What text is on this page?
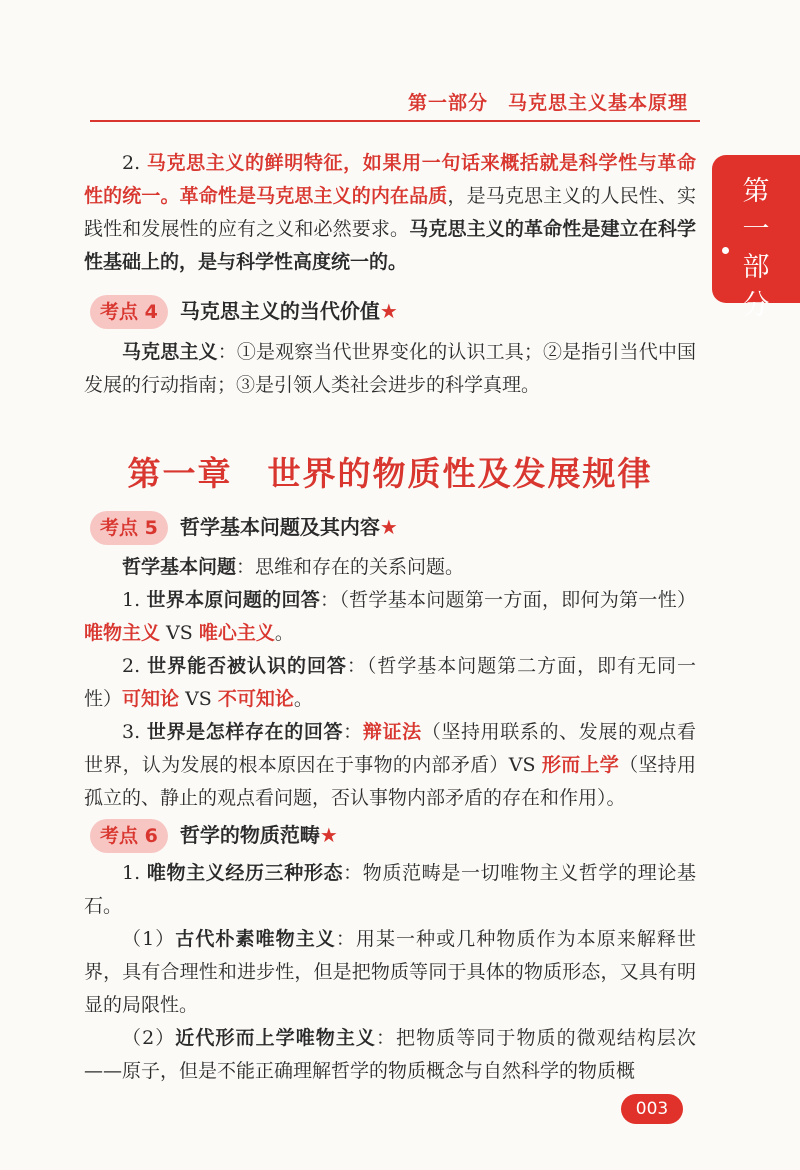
第一部分　马克思主义基本原理
第
一
部
分
2. 马克思主义的鲜明特征，如果用一句话来概括就是科学性与革命性的统一。革命性是马克思主义的内在品质，是马克思主义的人民性、实践性和发展性的应有之义和必然要求。马克思主义的革命性是建立在科学性基础上的，是与科学性高度统一的。
考点 4 马克思主义的当代价值★
马克思主义：①是观察当代世界变化的认识工具；②是指引当代中国发展的行动指南；③是引领人类社会进步的科学真理。
第一章　世界的物质性及发展规律
考点 5 哲学基本问题及其内容★
哲学基本问题：思维和存在的关系问题。
1. 世界本原问题的回答：（哲学基本问题第一方面，即何为第一性）唯物主义 VS 唯心主义。
2. 世界能否被认识的回答：（哲学基本问题第二方面，即有无同一性）可知论 VS 不可知论。
3. 世界是怎样存在的回答：辩证法（坚持用联系的、发展的观点看世界，认为发展的根本原因在于事物的内部矛盾）VS 形而上学（坚持用孤立的、静止的观点看问题，否认事物内部矛盾的存在和作用）。
考点 6 哲学的物质范畴★
1. 唯物主义经历三种形态：物质范畴是一切唯物主义哲学的理论基石。
（1）古代朴素唯物主义：用某一种或几种物质作为本原来解释世界，具有合理性和进步性，但是把物质等同于具体的物质形态，又具有明显的局限性。
（2）近代形而上学唯物主义：把物质等同于物质的微观结构层次——原子，但是不能正确理解哲学的物质概念与自然科学的物质概
003
